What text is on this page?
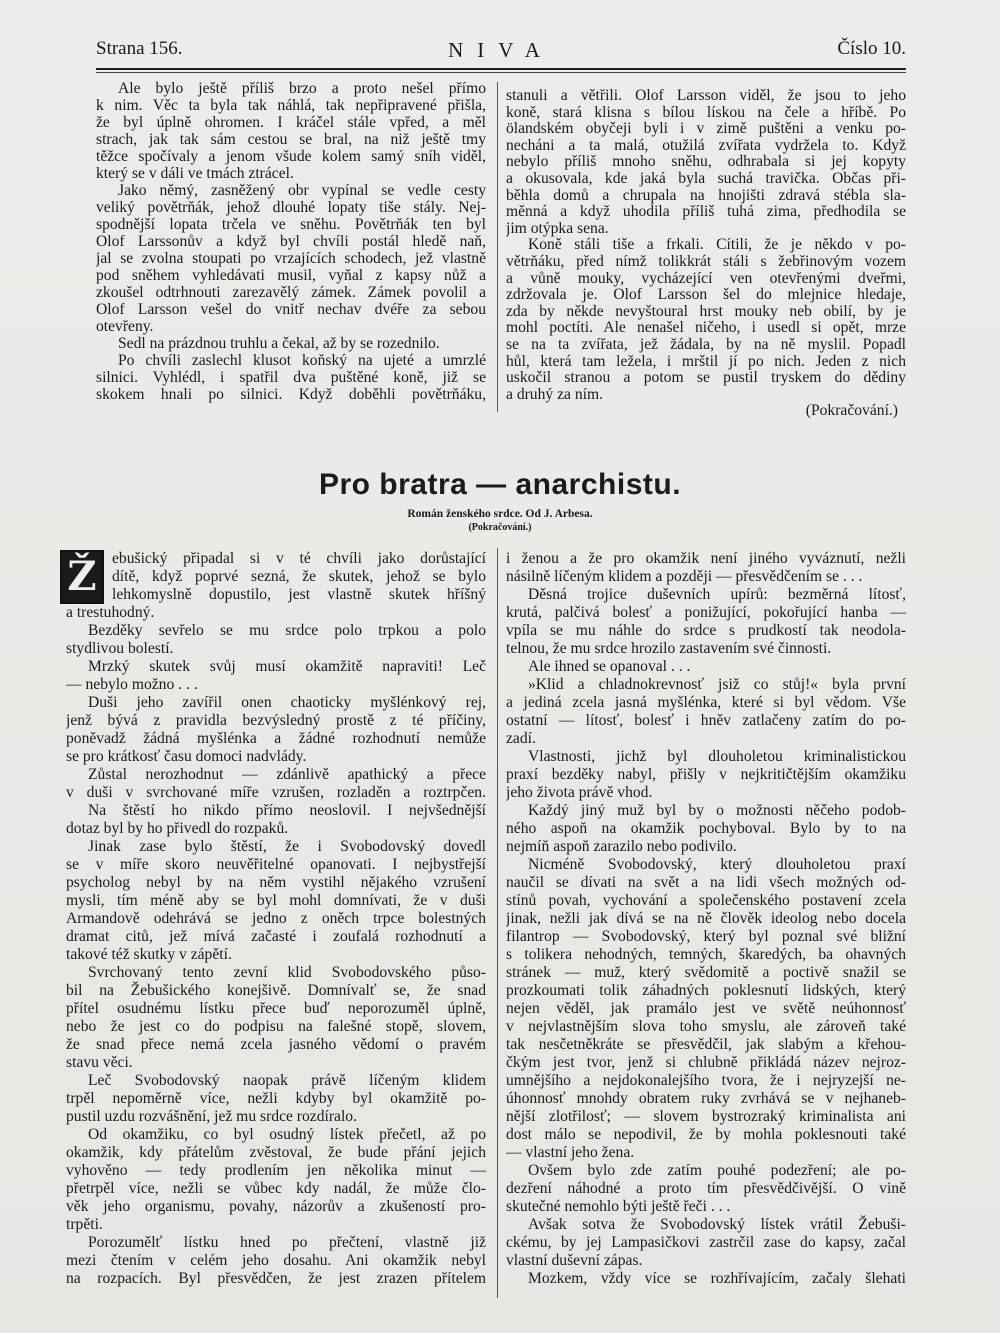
Strana 156.	NIVA	Číslo 10.
Ale bylo ještě příliš brzo a proto nešel přímo
k nim. Věc ta byla tak náhlá, tak nepřipravené přišla,
že byl úplně ohromen. I kráčel stále vpřed, a měl
strach, jak tak sám cestou se bral, na niž ještě tmy
těžce spočívaly a jenom všude kolem samý sníh viděl,
který se v dáli ve tmách ztrácel.
Jako němý, zasněžený obr vypínal se vedle cesty
veliký povětrňák, jehož dlouhé lopaty tiše stály. Nej-
spodnější lopata trčela ve sněhu. Povětrňák ten byl
Olof Larssonův a když byl chvíli postál hledě naň,
jal se zvolna stoupati po vrzajících schodech, jež vlastně
pod sněhem vyhledávati musil, vyňal z kapsy nůž a
zkoušel odtrhnouti zarezavělý zámek. Zámek povolil a
Olof Larsson vešel do vnitř nechav dvéře za sebou
otevřeny.
Sedl na prázdnou truhlu a čekal, až by se rozednilo.
Po chvíli zaslechl klusot koňský na ujeté a umrzlé
silnici. Vyhlédl, i spatřil dva puštěné koně, již se
skokem hnali po silnici. Když doběhli povětrňáku,
stanuli a větřili. Olof Larsson viděl, že jsou to jeho
koně, stará klisna s bílou lískou na čele a hříbě. Po
ölandském obyčeji byli i v zimě puštěni a venku po-
necháni a ta malá, otužilá zvířata vydržela to. Když
nebylo příliš mnoho sněhu, odhrabala si jej kopyty
a okusovala, kde jaká byla suchá travička. Občas při-
běhla domů a chrupala na hnojišti zdravá stébla sla-
měnná a když uhodila příliš tuhá zima, předhodila se
jim otýpka sena.
Koně stáli tiše a frkali. Cítili, že je někdo v po-
větrňáku, před nímž tolikkrát stáli s žebřinovým vozem
a vůně mouky, vycházející ven otevřenými dveřmi,
zdržovala je. Olof Larsson šel do mlejnice hledaje,
zda by někde nevyštoural hrst mouky neb obilí, by je
mohl poctíti. Ale nenašel ničeho, i usedl si opět, mrze
se na ta zvířata, jež žádala, by na ně myslil. Popadl
hůl, která tam ležela, i mrštil jí po nich. Jeden z nich
uskočil stranou a potom se pustil tryskem do dědiny
a druhý za ním.
(Pokračování.)
Pro bratra — anarchistu.
Román ženského srdce. Od J. Arbesa.
(Pokračování.)
Ž ebušický připadal si v té chvíli jako dorůstající
dítě, když poprvé sezná, že skutek, jehož se bylo
lehkomyslně dopustilo, jest vlastně skutek hříšný
a trestuhodný.
Bezděky sevřelo se mu srdce polo trpkou a polo
stydlivou bolestí.
Mrzký skutek svůj musí okamžitě napraviti! Leč
— nebylo možno . . .
Duši jeho zavířil onen chaoticky myšlénkový rej,
jenž bývá z pravidla bezvýsledný prostě z té příčiny,
poněvadž žádná myšlénka a žádné rozhodnutí nemůže
se pro krátkosť času domoci nadvlády.
Zůstal nerozhodnut — zdánlivě apathický a přece
v duši v svrchované míře vzrušen, rozladěn a roztrpčen.
Na štěstí ho nikdo přímo neoslovil. I nejvšednější
dotaz byl by ho přivedl do rozpaků.
Jinak zase bylo štěstí, že i Svobodovský dovedl
se v míře skoro neuvěřitelné opanovati. I nejbystřejší
psycholog nebyl by na něm vystihl nějakého vzrušení
mysli, tím méně aby se byl mohl domnívati, že v duši
Armandově odehrává se jedno z oněch trpce bolestných
dramat citů, jež mívá začasté i zoufalá rozhodnutí a
takové též skutky v zápětí.
Svrchovaný tento zevní klid Svobodovského půso-
bil na Žebušického konejšivě. Domnívalť se, že snad
přítel osudnému lístku přece buď neporozuměl úplně,
nebo že jest co do podpisu na falešné stopě, slovem,
že snad přece nemá zcela jasného vědomí o pravém
stavu věci.
Leč Svobodovský naopak právě líčeným klidem
trpěl nepoměrně více, nežli kdyby byl okamžitě po-
pustil uzdu rozvášnění, jež mu srdce rozdíralo.
Od okamžiku, co byl osudný lístek přečetl, až po
okamžik, kdy přátelům zvěstoval, že bude přání jejich
vyhověno — tedy prodlením jen několika minut —
přetrpěl více, nežli se vůbec kdy nadál, že může člo-
věk jeho organismu, povahy, názorův a zkušeností pro-
trpěti.
Porozumělť lístku hned po přečtení, vlastně již
mezi čtením v celém jeho dosahu. Ani okamžik nebyl
na rozpacích. Byl přesvědčen, že jest zrazen přítelem
i ženou a že pro okamžik není jiného vyváznutí, nežli
násilně líčeným klidem a později — přesvědčením se . . .
Děsná trojice duševních upírů: bezměrná lítosť,
krutá, palčivá bolesť a ponižující, pokořující hanba —
vpíla se mu náhle do srdce s prudkostí tak neodola-
telnou, že mu srdce hrozilo zastavením své činnosti.
Ale ihned se opanoval . . .
»Klid a chladnokrevnosť jsiž co stůj!« byla první
a jediná zcela jasná myšlénka, které si byl vědom. Vše
ostatní — lítosť, bolesť i hněv zatlačeny zatím do po-
zadí.
Vlastnosti, jichž byl dlouholetou kriminalistickou
praxí bezděky nabyl, přišly v nejkritičtějším okamžiku
jeho života právě vhod.
Každý jiný muž byl by o možnosti něčeho podob-
ného aspoň na okamžik pochyboval. Bylo by to na
nejmíň aspoň zarazilo nebo podivilo.
Nicméně Svobodovský, který dlouholetou praxí
naučil se dívati na svět a na lidi všech možných od-
stínů povah, vychování a společenského postavení zcela
jinak, nežli jak dívá se na ně člověk ideolog nebo docela
filantrop — Svobodovský, který byl poznal své bližní
s tolikera nehodných, temných, škaredých, ba ohavných
stránek — muž, který svědomitě a poctivě snažil se
prozkoumati tolik záhadných poklesnutí lidských, který
nejen věděl, jak pramálo jest ve světě neúhonnosť
v nejvlastnějším slova toho smyslu, ale zároveň také
tak nesčetněkráte se přesvědčil, jak slabým a křehou-
čkým jest tvor, jenž si chlubně přikládá název nejroz-
umnějšího a nejdokonalejšího tvora, že i nejryzejší ne-
úhonnosť mnohdy obratem ruky zvrhává se v nejhaneb-
nější zlotřilosť; — slovem bystrozraký kriminalista ani
dost málo se nepodivil, že by mohla poklesnouti také
— vlastní jeho žena.
Ovšem bylo zde zatím pouhé podezření; ale po-
dezření náhodné a proto tím přesvědčivější. O vině
skutečné nemohlo býti ještě řeči . . .
Avšak sotva že Svobodovský lístek vrátil Žebuši-
ckému, by jej Lampasičkovi zastrčil zase do kapsy, začal
vlastní duševní zápas.
Mozkem, vždy více se rozhřívajícím, začaly šlehati
